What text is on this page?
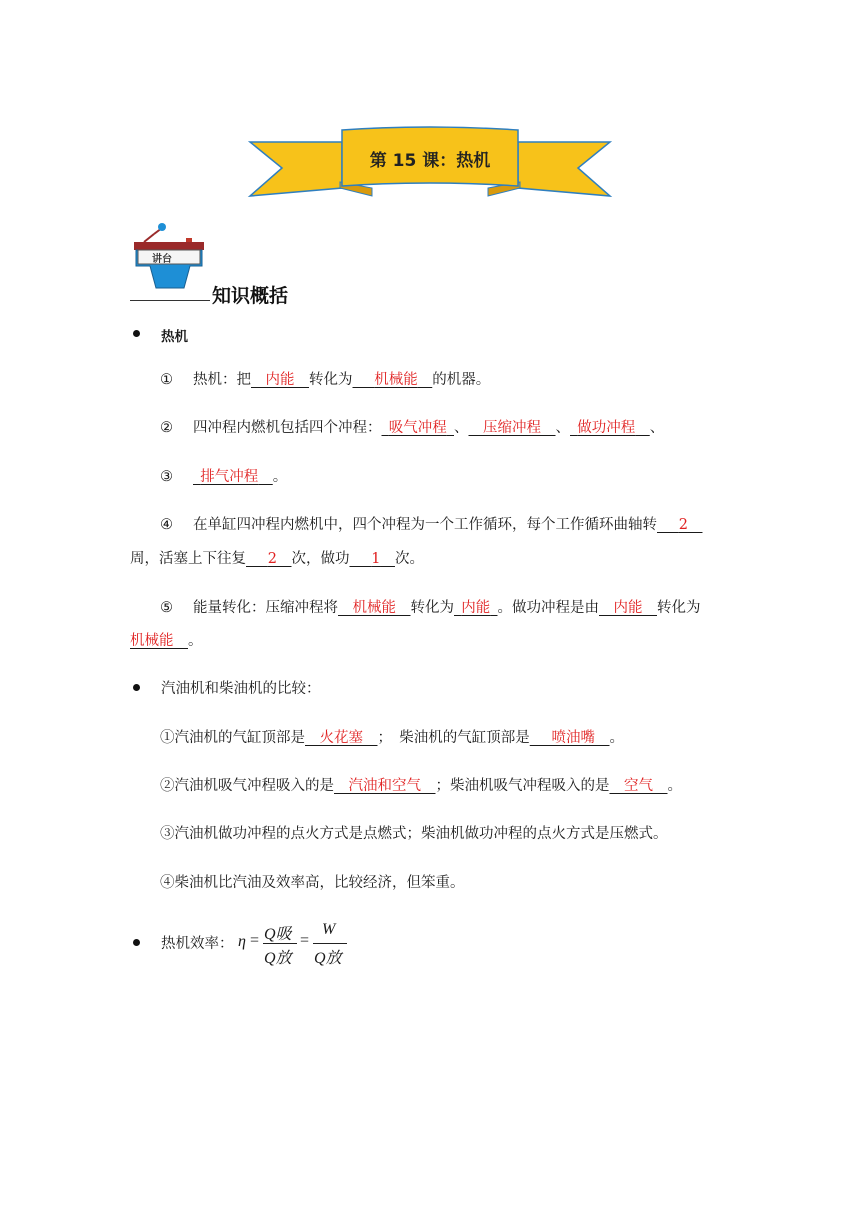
第 15 课：热机
讲台
知识概括
热机
① 热机：把   内能   转化为    机械能   的机器。
② 四冲程内燃机包括四个冲程：  吸气冲程  、   压缩冲程   、  做功冲程   、
③  排气冲程   。
④ 在单缸四冲程内燃机中，四个冲程为一个工作循环，每个工作循环曲轴转    2  
周，活塞上下往复    2   次，做功    1   次。
⑤ 能量转化：压缩冲程将   机械能   转化为  内能  。做功冲程是由   内能   转化为
机械能   。
汽油机和柴油机的比较：
①汽油机的气缸顶部是   火花塞   ；　柴油机的气缸顶部是    喷油嘴   。
②汽油机吸气冲程吸入的是   汽油和空气   ；柴油机吸气冲程吸入的是   空气   。
③汽油机做功冲程的点火方式是点燃式；柴油机做功冲程的点火方式是压燃式。
④柴油机比汽油及效率高，比较经济，但笨重。
热机效率： η = Q吸
Q放
=
W
Q放
